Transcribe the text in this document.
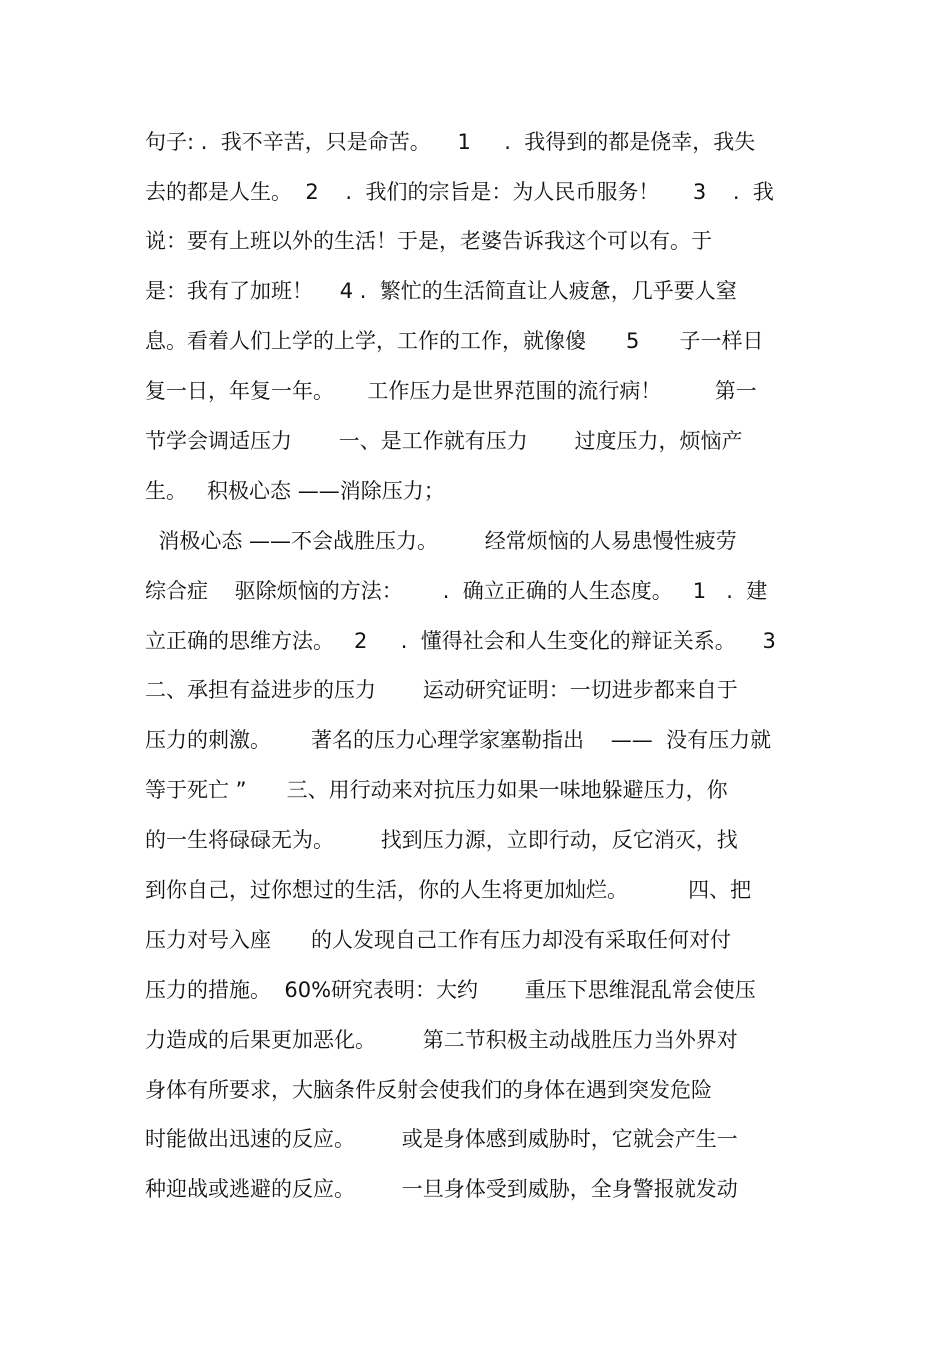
句子: .  我不辛苦，只是命苦。    1     .  我得到的都是侥幸，我失
去的都是人生。  2    .  我们的宗旨是：为人民币服务！     3    .  我
说：要有上班以外的生活！于是，老婆告诉我这个可以有。于
是：我有了加班！    4 .  繁忙的生活简直让人疲惫，几乎要人窒
息。看着人们上学的上学，工作的工作，就像傻      5      子一样日
复一日，年复一年。     工作压力是世界范围的流行病！        第一
节学会调适压力       一、是工作就有压力       过度压力，烦恼产
生。   积极心态 ——消除压力；
消极心态 ——不会战胜压力。       经常烦恼的人易患慢性疲劳
综合症    驱除烦恼的方法：      .  确立正确的人生态度。   1   .  建
立正确的思维方法。   2     .  懂得社会和人生变化的辩证关系。    3
二、承担有益进步的压力       运动研究证明：一切进步都来自于
压力的刺激。      著名的压力心理学家塞勒指出    ——  没有压力就
等于死亡 ”      三、用行动来对抗压力如果一味地躲避压力，你
的一生将碌碌无为。       找到压力源，立即行动，反它消灭，找
到你自己，过你想过的生活，你的人生将更加灿烂。         四、把
压力对号入座      的人发现自己工作有压力却没有采取任何对付
压力的措施。  60%研究表明：大约       重压下思维混乱常会使压
力造成的后果更加恶化。       第二节积极主动战胜压力当外界对
身体有所要求，大脑条件反射会使我们的身体在遇到突发危险
时能做出迅速的反应。       或是身体感到威胁时，它就会产生一
种迎战或逃避的反应。       一旦身体受到威胁，全身警报就发动
